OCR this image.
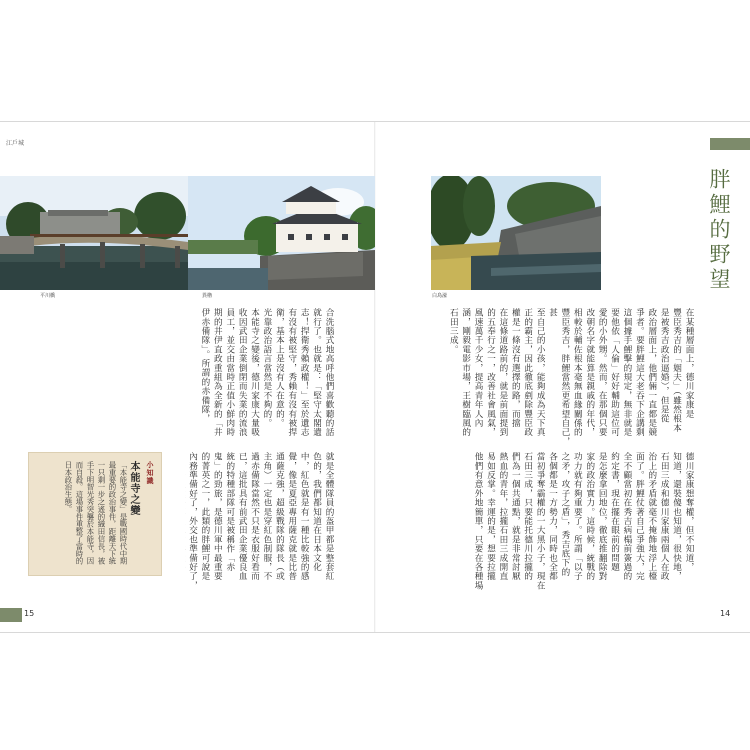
江戶城
15	14
平川橋	異櫓	白鳥濠
胖鯉的野望
在某種層面上，德川家康是
豐臣秀吉的「姻夫」（雖然根本
是被秀吉政治逼婚），但是從
政治層面上，他們倆一直都是競
爭者。要胖鯉這大老吞下企講剩
這個據手鯉擊的規定，無非就是
要他依「人倫」好好輔助這位可
愛的小外甥。然而，在那個只要
改朝名字就能算是親戚的年代，
相較於輔佐根本毫無血緣關係的
豐臣秀吉，胖鯉當然更希望自己，甚
至自己的小孩，能夠成為天下真
正的霸主，因此徹底剷除豐臣政
權是一條沒有選擇的路，而擋
在這條道路前的，就是前面提到
的五奉行之一，改善社會風氣，
風速萬千少女，提高青年人內
涵，剛毅電影市場，王樹臨風的
石田三成。
德川家康想奪權，但不知道，
知道，還裝傻也知道，很快地，
石田三成和德川家康兩個人在政
治上的矛盾就毫不掩飾地浮上檯
面了。胖鯉仗著自己爭強大，完
全不顧當初在秀吉病榻前簽過的
約定書，現在擺在眼前的問題
是怎麼拿回地位，徹底推翻除對
家的政治實力。這時候，統戰的
功力就有夠重要了。所謂「以子
之矛，攻子之盾」，秀吉底下的
各個都是一方勢力，同時也全都
當初爭奪霸權的一大黑小子，現在
石田三成，只要能托德川拉攏的
們為一個共通點，就是非常討厭
熱血的青年，拉攏石田三成開直
易如反掌。幸運的是，想要拉攏
他們有意外地簡單，只要在各種場
合洗腦式地高呼他們喜歡聽的話
就行了。也就是：「堅守太閣遺
志！捍衛秀賴政權！」至於遺志
有沒有被堅守，秀賴有沒有被捍
衛，基本上是沒有人在意的。
光靠政治語言當然是不夠的。
本能寺之變後，德川家康大量吸
收因武田企業倒閉而失業的流浪
員工，並交由當時正值小鮮肉時
期的井伊直政重組為全新的「井
伊赤備隊」。所謂的赤備隊，
就是全體隊員的盔甲都是整套紅
色的，我們都知道在日本文化
中，紅色就是有一種比較強的感
覺，像是夏亞專用薩克就是比普
通薩克強，超級戰隊的隊長（或
主角）一定也是穿紅色制服，不
過赤備隊當然不只是衣服好看而
已，這批具有前武田企業優良血
統的特種部隊可是被稱作「赤
鬼」的勁旅，是德川軍中最重要
的菁英之一，此類的胖鯉可說是
內務準備好了，外交也準備好了，
小知識
本能寺之變
「本能寺之變」是戰國時代中期最重要的政治事件，距離天下統一只剩一步之遙的織田信長，被手下明智光秀突襲於本能寺，因而自殺。這場事件重整了當時的日本政治生態。
